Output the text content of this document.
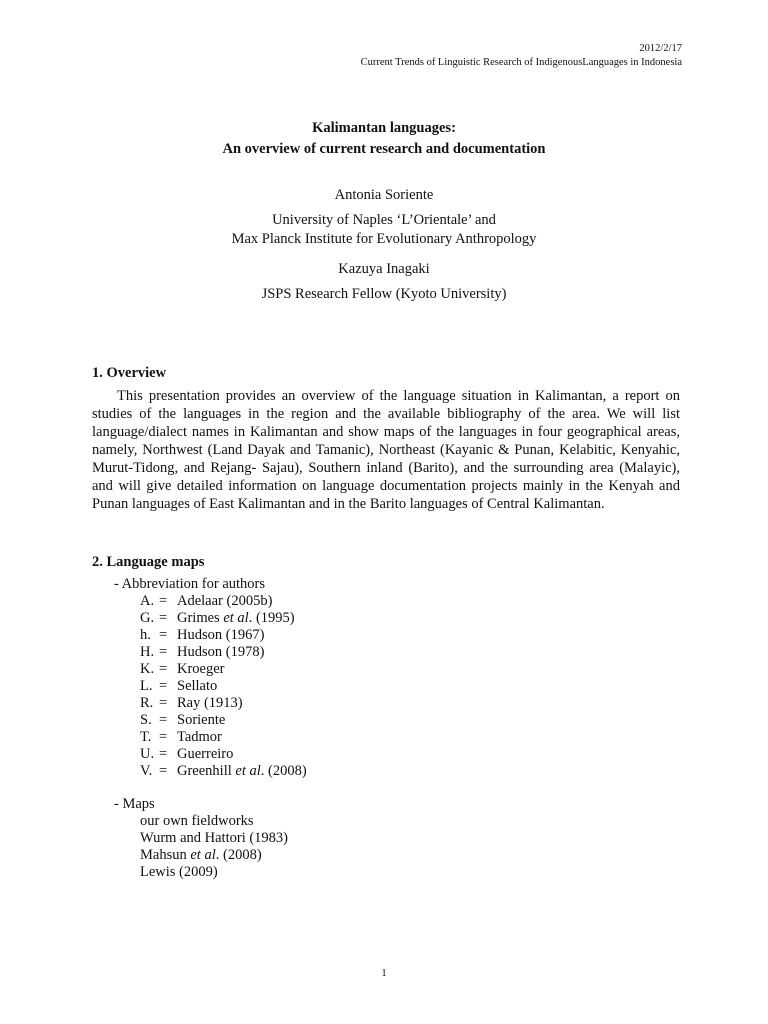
2012/2/17
Current Trends of Linguistic Research of IndigenousLanguages in Indonesia
Kalimantan languages:
An overview of current research and documentation
Antonia Soriente
University of Naples ‘L’Orientale’ and
Max Planck Institute for Evolutionary Anthropology
Kazuya Inagaki
JSPS Research Fellow (Kyoto University)
1. Overview
This presentation provides an overview of the language situation in Kalimantan, a report on studies of the languages in the region and the available bibliography of the area. We will list language/dialect names in Kalimantan and show maps of the languages in four geographical areas, namely, Northwest (Land Dayak and Tamanic), Northeast (Kayanic & Punan, Kelabitic, Kenyahic, Murut-Tidong, and Rejang- Sajau), Southern inland (Barito), and the surrounding area (Malayic), and will give detailed information on language documentation projects mainly in the Kenyah and Punan languages of East Kalimantan and in the Barito languages of Central Kalimantan.
2. Language maps
- Abbreviation for authors
A. = Adelaar (2005b)
G. = Grimes et al. (1995)
h. = Hudson (1967)
H. = Hudson (1978)
K. = Kroeger
L. = Sellato
R. = Ray (1913)
S. = Soriente
T. = Tadmor
U. = Guerreiro
V. = Greenhill et al. (2008)
- Maps
our own fieldworks
Wurm and Hattori (1983)
Mahsun et al. (2008)
Lewis (2009)
1
